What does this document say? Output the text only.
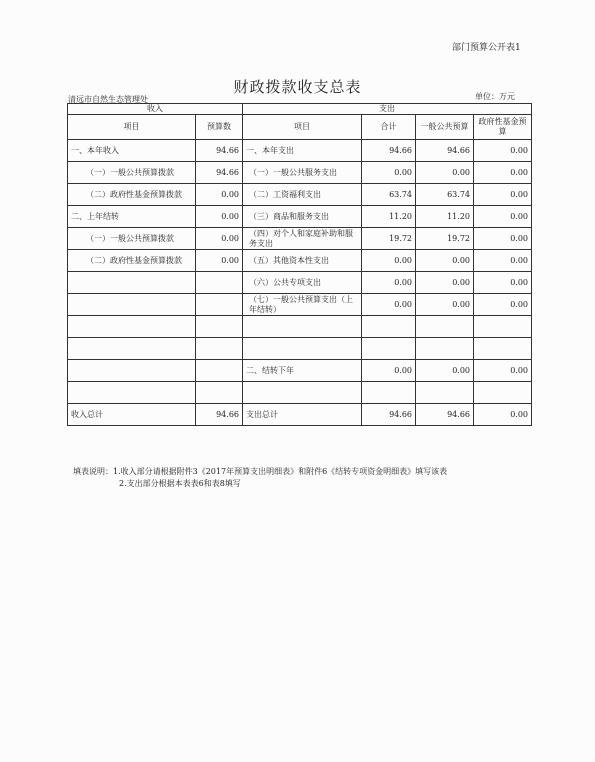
部门预算公开表1
财政拨款收支总表
清远市自然生态管理处	单位：万元
收入		支出			
项目	预算数	项目	合计	一般公共预算	政府性基金预算
一、本年收入	94.66	一、本年支出	94.66	94.66	0.00
（一）一般公共预算拨款	94.66	（一）一般公共服务支出	0.00	0.00	0.00
（二）政府性基金预算拨款	0.00	（二）工资福利支出	63.74	63.74	0.00
二、上年结转	0.00	（三）商品和服务支出	11.20	11.20	0.00
（一）一般公共预算拨款	0.00	（四）对个人和家庭补助和服务支出	19.72	19.72	0.00
（二）政府性基金预算拨款	0.00	（五）其他资本性支出	0.00	0.00	0.00
		（六）公共专项支出	0.00	0.00	0.00
		（七）一般公共预算支出（上年结转）	0.00	0.00	0.00

		二、结转下年	0.00	0.00	0.00

收入总计	94.66	支出总计	94.66	94.66	0.00
填表说明：1.收入部分请根据附件3《2017年预算支出明细表》和附件6《结转专项资金明细表》填写该表
2.支出部分根据本表表6和表8填写
